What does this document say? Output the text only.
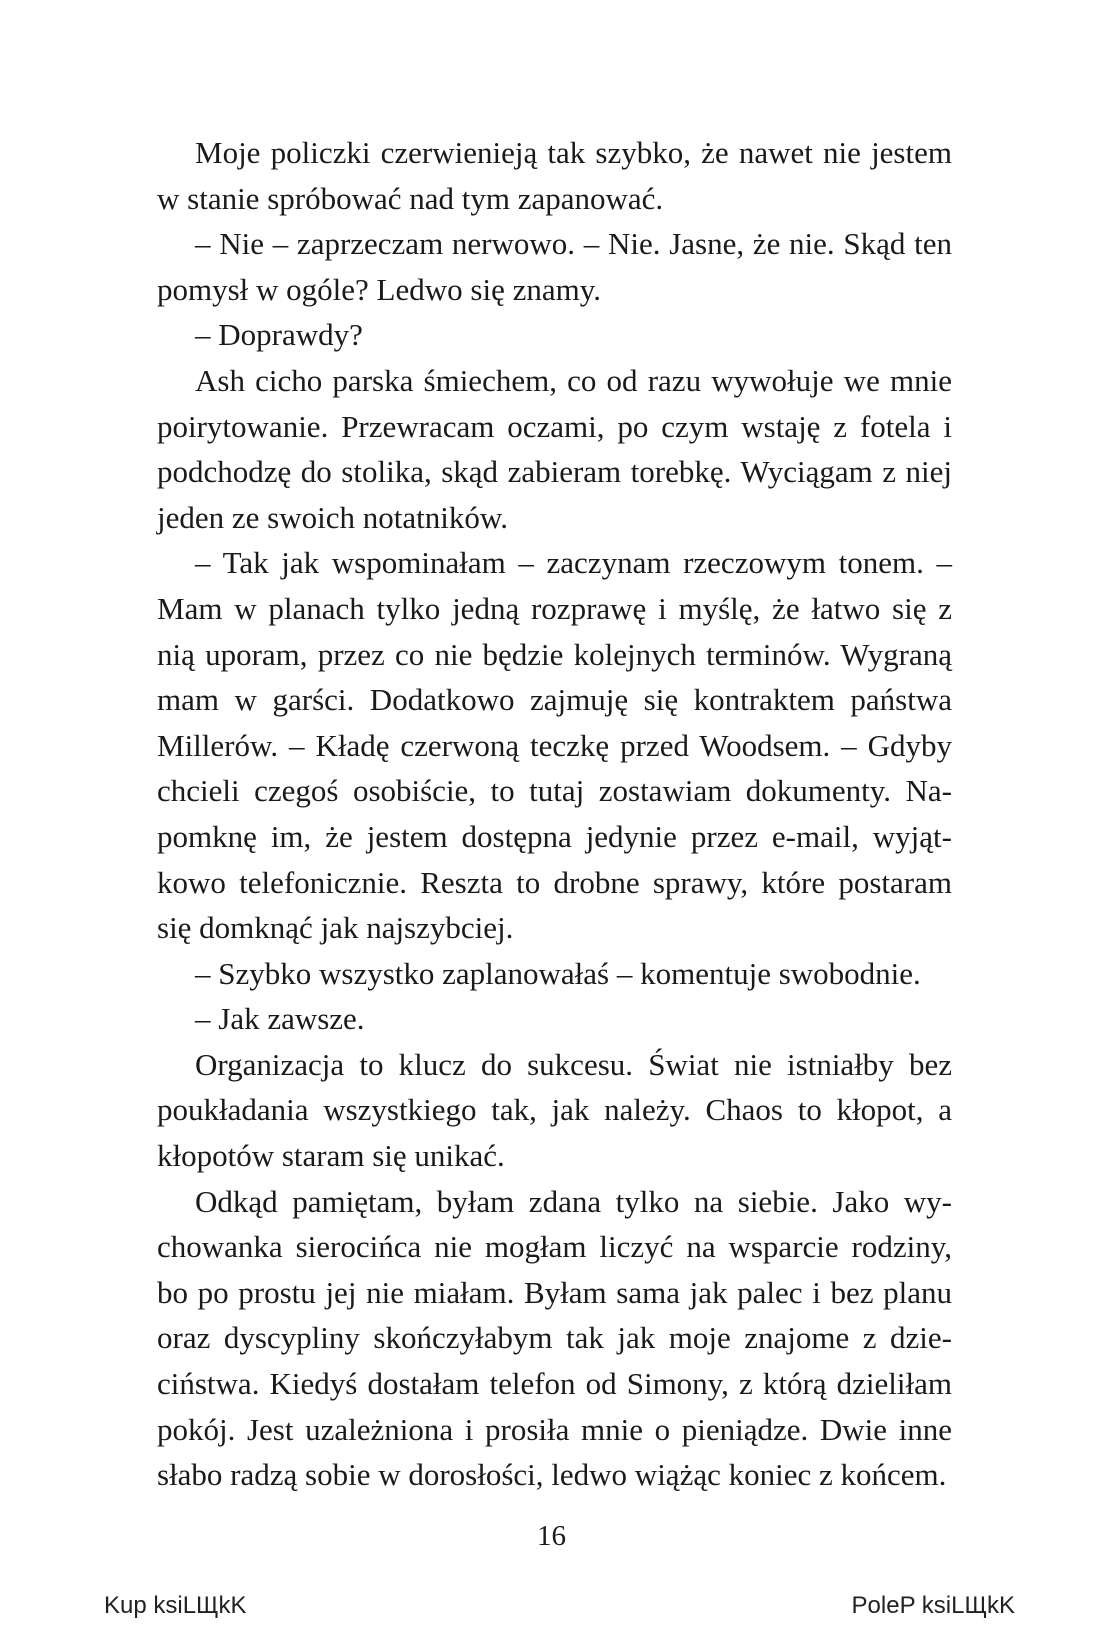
Moje policzki czerwienieją tak szybko, że nawet nie jestem w stanie spróbować nad tym zapanować.

– Nie – zaprzeczam nerwowo. – Nie. Jasne, że nie. Skąd ten pomysł w ogóle? Ledwo się znamy.

– Doprawdy?

Ash cicho parska śmiechem, co od razu wywołuje we mnie poirytowanie. Przewracam oczami, po czym wstaję z fotela i podchodzę do stolika, skąd zabieram torebkę. Wyciągam z niej jeden ze swoich notatników.

– Tak jak wspominałam – zaczynam rzeczowym tonem. – Mam w planach tylko jedną rozprawę i myślę, że łatwo się z nią uporam, przez co nie będzie kolejnych terminów. Wygraną mam w garści. Dodatkowo zajmuję się kontraktem państwa Millerów. – Kładę czerwoną teczkę przed Woodsem. – Gdyby chcieli czegoś osobiście, to tutaj zostawiam dokumenty. Napomknę im, że jestem dostępna jedynie przez e-mail, wyjątkowo telefonicznie. Reszta to drobne sprawy, które postaram się domknąć jak najszybciej.

– Szybko wszystko zaplanowałaś – komentuje swobodnie.

– Jak zawsze.

Organizacja to klucz do sukcesu. Świat nie istniałby bez poukładania wszystkiego tak, jak należy. Chaos to kłopot, a kłopotów staram się unikać.

Odkąd pamiętam, byłam zdana tylko na siebie. Jako wychowanka sierocińca nie mogłam liczyć na wsparcie rodziny, bo po prostu jej nie miałam. Byłam sama jak palec i bez planu oraz dyscypliny skończyłabym tak jak moje znajome z dzieciństwa. Kiedyś dostałam telefon od Simony, z którą dzieliłam pokój. Jest uzależniona i prosiła mnie o pieniądze. Dwie inne słabo radzą sobie w dorosłości, ledwo wiążąc koniec z końcem.

16
Kup ksiLЩkK	PoleP ksiLЩkK
